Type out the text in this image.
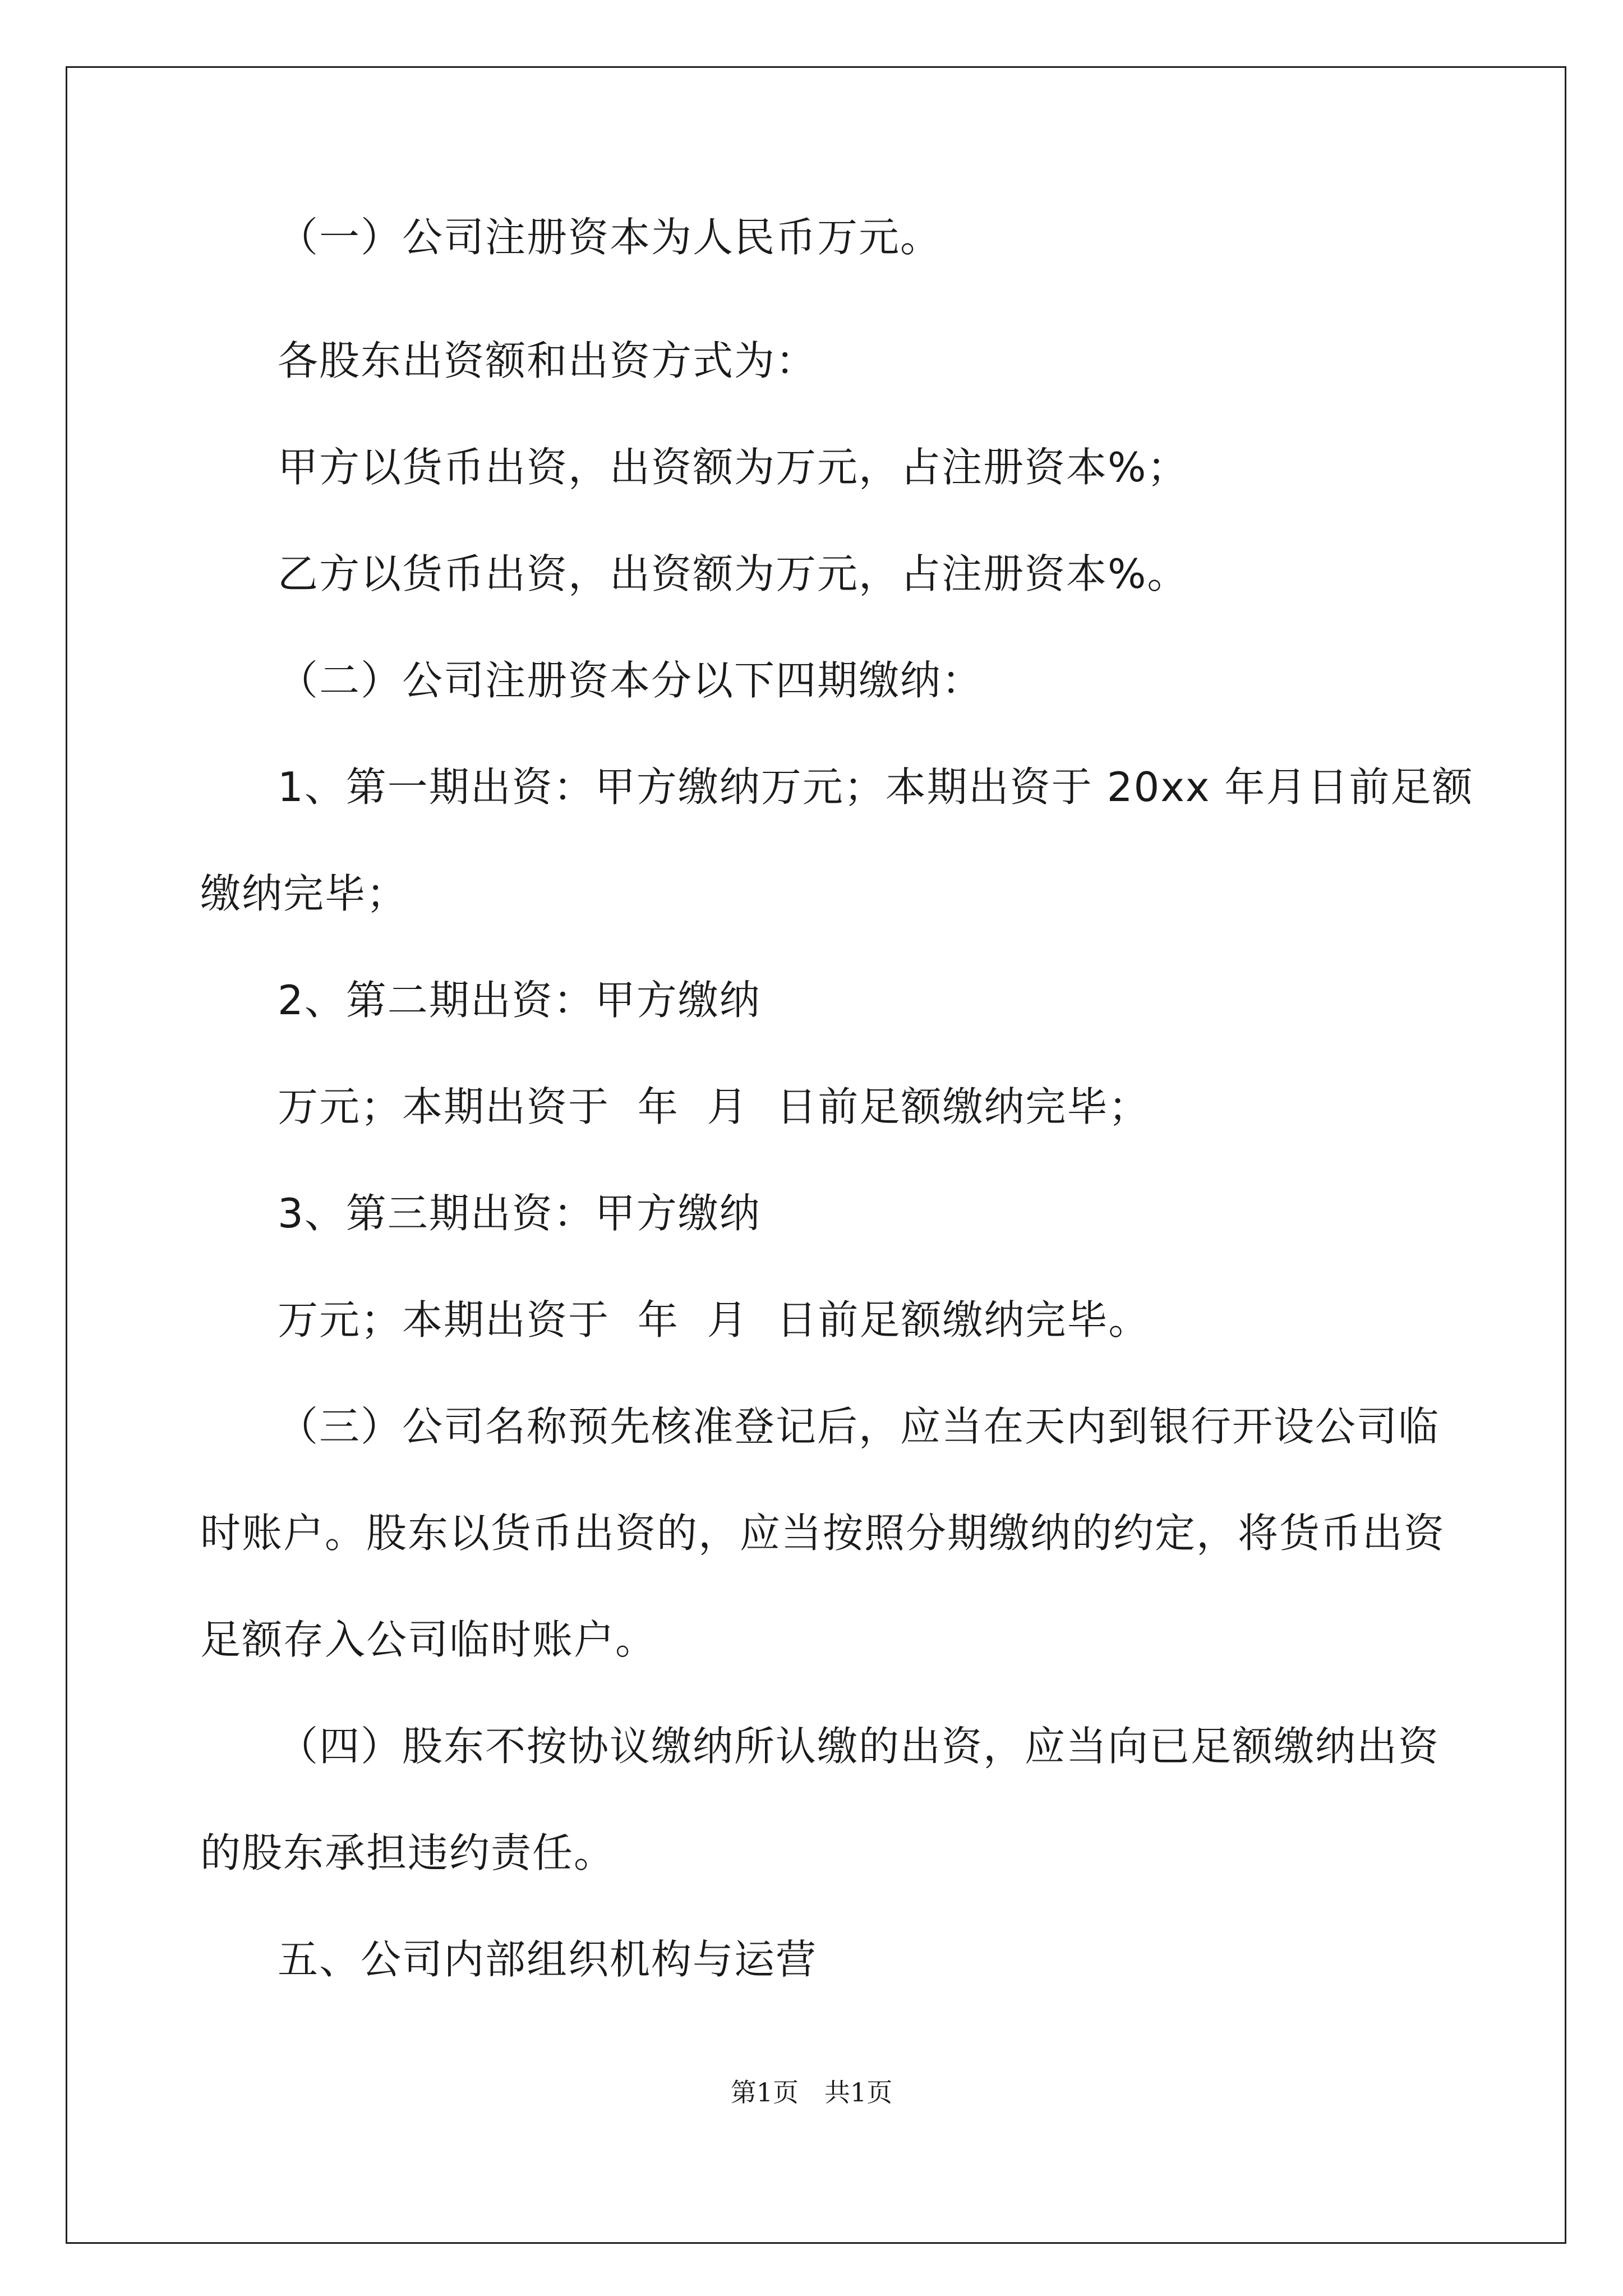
（一）公司注册资本为人民币万元。
各股东出资额和出资方式为：
甲方以货币出资，出资额为万元，占注册资本%；
乙方以货币出资，出资额为万元，占注册资本%。
（二）公司注册资本分以下四期缴纳：
1、第一期出资：甲方缴纳万元；本期出资于 20xx 年月日前足额
缴纳完毕；
2、第二期出资：甲方缴纳
万元；本期出资于  年  月  日前足额缴纳完毕；
3、第三期出资：甲方缴纳
万元；本期出资于  年  月  日前足额缴纳完毕。
（三）公司名称预先核准登记后，应当在天内到银行开设公司临
时账户。股东以货币出资的，应当按照分期缴纳的约定，将货币出资
足额存入公司临时账户。
（四）股东不按协议缴纳所认缴的出资，应当向已足额缴纳出资
的股东承担违约责任。
五、公司内部组织机构与运营
第1页　共1页
